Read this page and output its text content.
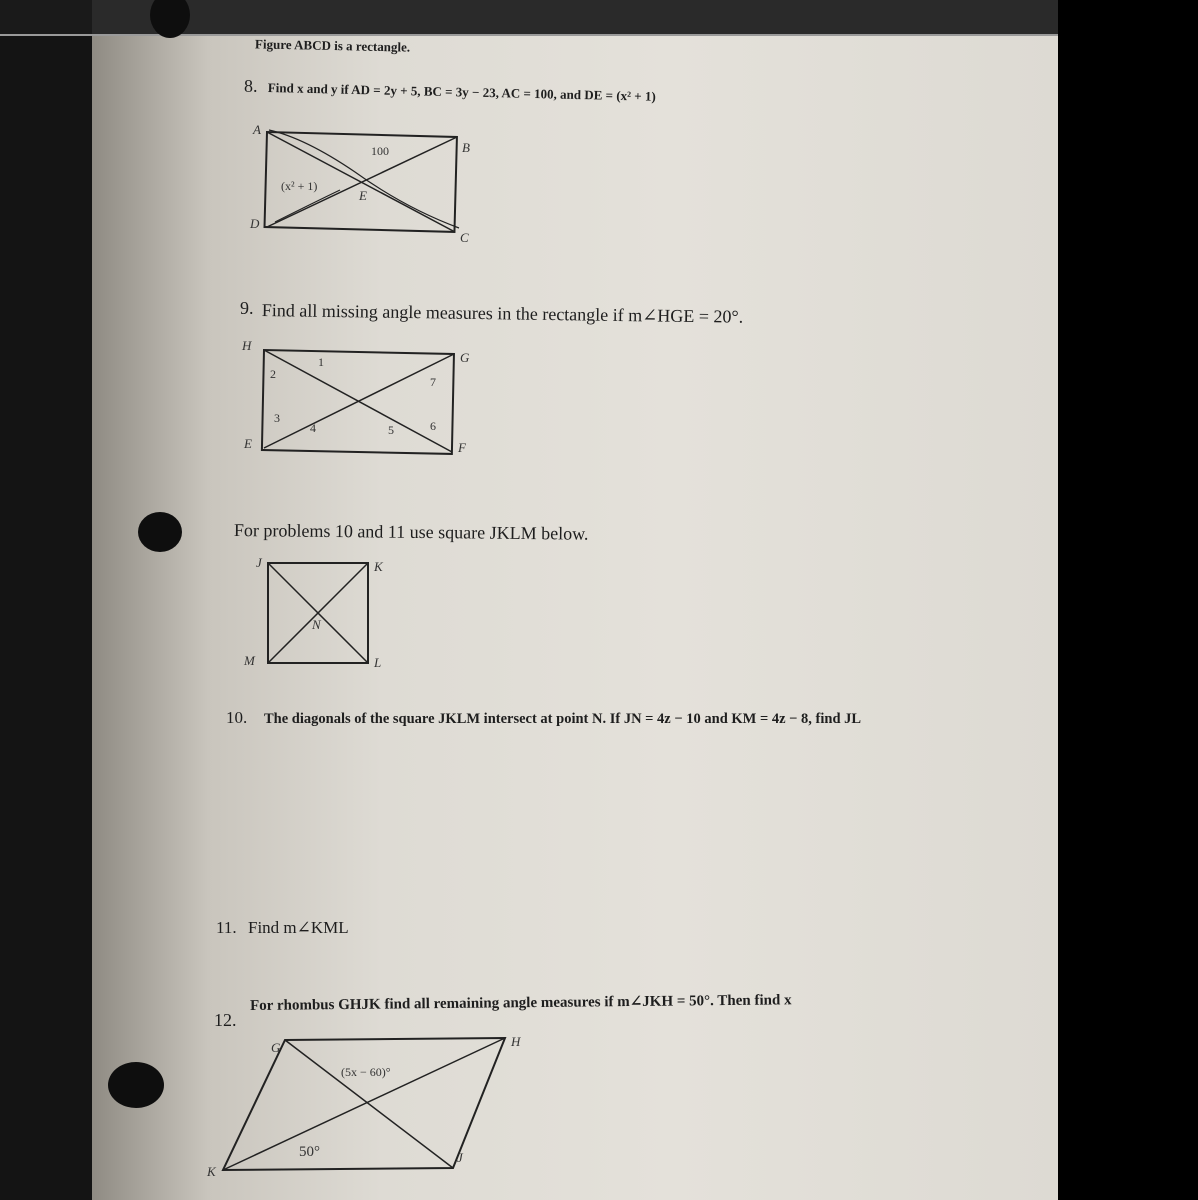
Figure ABCD is a rectangle.
8. Find x and y if AD = 2y + 5, BC = 3y − 23, AC = 100, and DE = (x² + 1)
A
B
C
D
E
100
(x² + 1)
9. Find all missing angle measures in the rectangle if m∠HGE = 20°.
H
G
E	F
1
2
3
4	5	6
7
For problems 10 and 11 use square JKLM below.
J	K
L
M
N
10. The diagonals of the square JKLM intersect at point N. If JN = 4z − 10 and KM = 4z − 8, find JL
11. Find m∠KML
12.
For rhombus GHJK find all remaining angle measures if m∠JKH = 50°. Then find x
G	H
J
K
(5x − 60)°
50°
